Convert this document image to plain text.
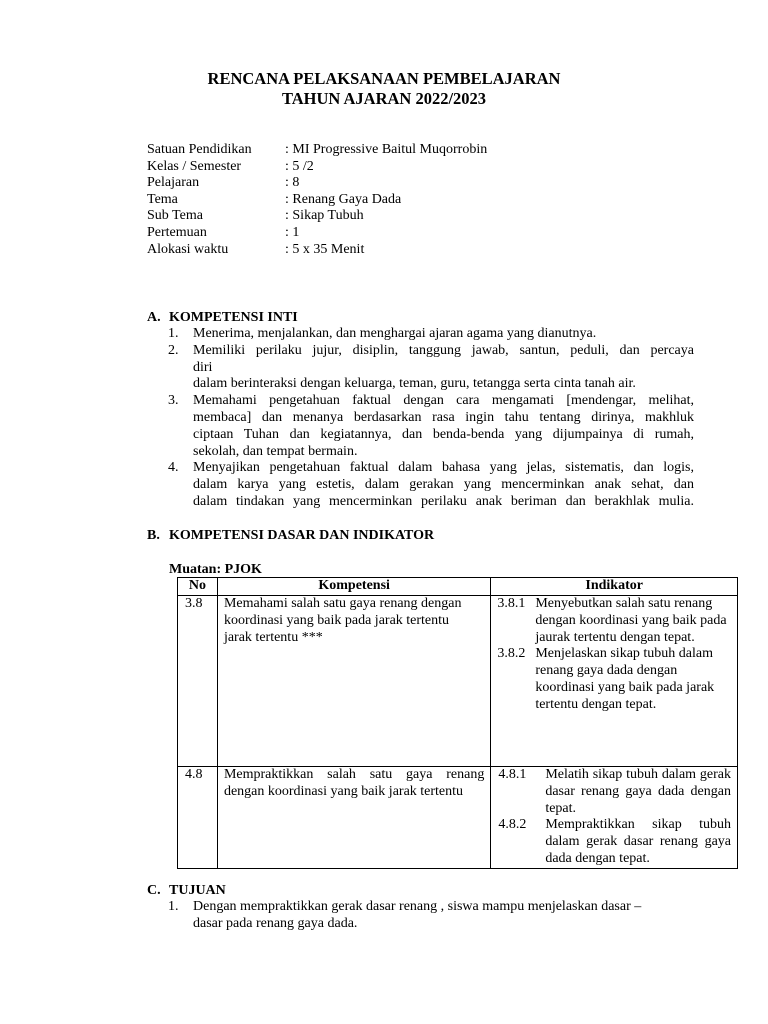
RENCANA PELAKSANAAN PEMBELAJARAN
TAHUN AJARAN 2022/2023
Satuan Pendidikan	: MI Progressive Baitul Muqorrobin
Kelas / Semester	: 5 /2
Pelajaran	: 8
Tema	: Renang Gaya Dada
Sub Tema	: Sikap Tubuh
Pertemuan	: 1
Alokasi waktu	: 5 x 35 Menit
A. KOMPETENSI INTI
1.	Menerima, menjalankan, dan menghargai ajaran agama yang dianutnya.
2.	Memiliki perilaku jujur, disiplin, tanggung jawab, santun, peduli, dan percaya
diri
dalam berinteraksi dengan keluarga, teman, guru, tetangga serta cinta tanah air.
3.	Memahami pengetahuan faktual dengan cara mengamati [mendengar, melihat,
membaca] dan menanya berdasarkan rasa ingin tahu tentang dirinya, makhluk
ciptaan Tuhan dan kegiatannya, dan benda-benda yang dijumpainya di rumah,
sekolah, dan tempat bermain.
4.	Menyajikan pengetahuan faktual dalam bahasa yang jelas, sistematis, dan logis,
dalam karya yang estetis, dalam gerakan yang mencerminkan anak sehat, dan
dalam tindakan yang mencerminkan perilaku anak beriman dan berakhlak mulia.
B. KOMPETENSI DASAR DAN INDIKATOR
Muatan: PJOK
No	Kompetensi	Indikator
3.8	Memahami salah satu gaya renang dengan koordinasi yang baik pada jarak tertentu jarak tertentu ***	3.8.1 Menyebutkan salah satu renang dengan koordinasi yang baik pada jaurak tertentu dengan tepat.
3.8.2 Menjelaskan sikap tubuh dalam renang gaya dada dengan koordinasi yang baik pada jarak tertentu dengan tepat.

4.8	Mempraktikkan salah satu gaya renang dengan koordinasi yang baik jarak tertentu	4.8.1 Melatih sikap tubuh dalam gerak dasar renang gaya dada dengan tepat.
4.8.2 Mempraktikkan sikap tubuh dalam gerak dasar renang gaya dada dengan tepat.
C. TUJUAN
1.	Dengan mempraktikkan gerak dasar renang , siswa mampu menjelaskan dasar –
dasar pada renang gaya dada.
